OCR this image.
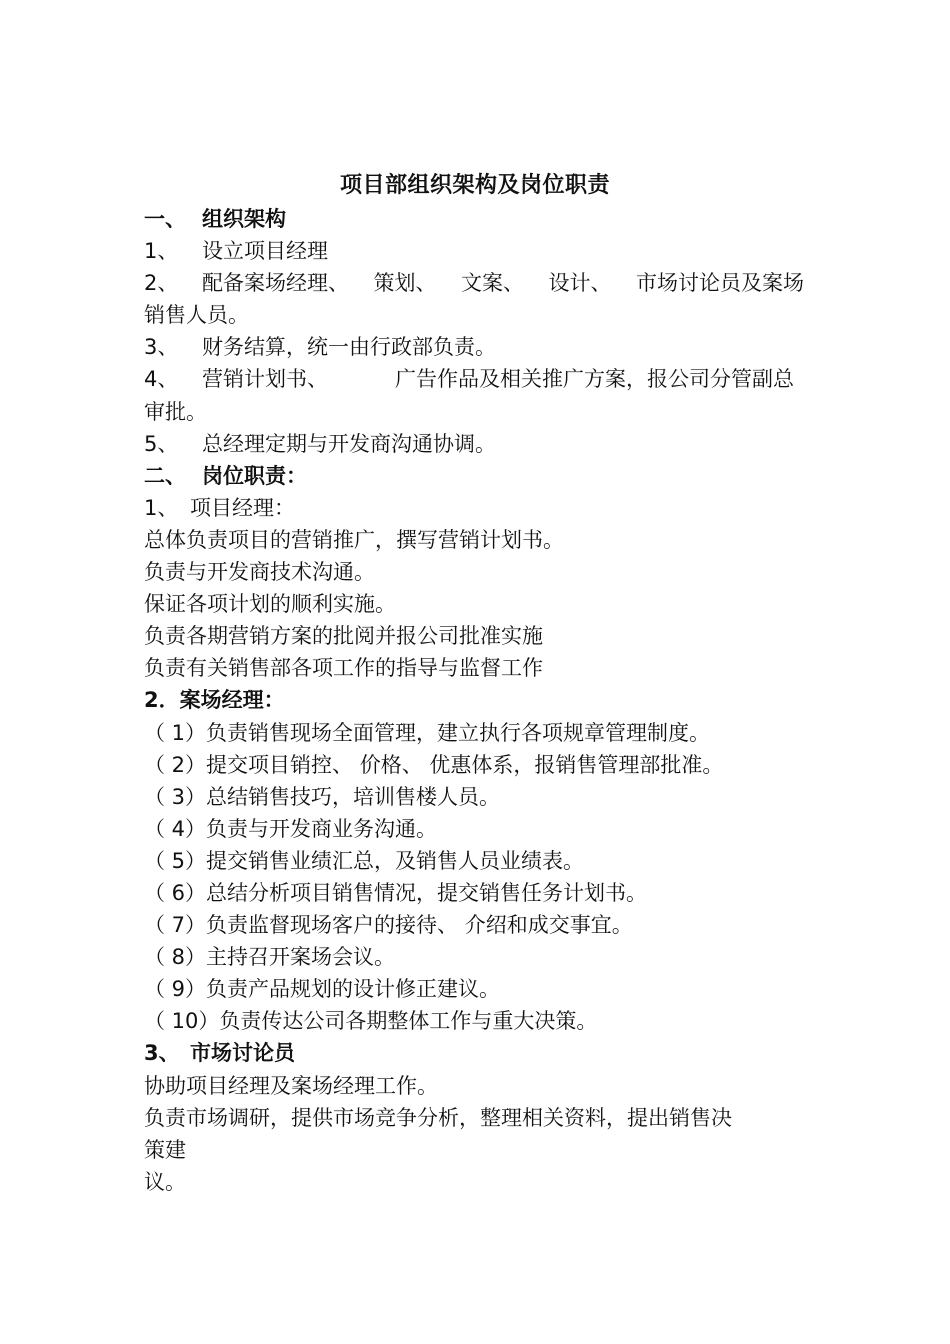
项目部组织架构及岗位职责
一、 组织架构
1、 设立项目经理
2、	配备案场经理、 策划、 文案、 设计、 市场讨论员及案场
销售人员。
3、 财务结算，统一由行政部负责。
4、	营销计划书、	广告作品及相关推广方案，报公司分管副总
审批。
5、 总经理定期与开发商沟通协调。
二、 岗位职责：
1、 项目经理：
总体负责项目的营销推广，撰写营销计划书。
负责与开发商技术沟通。
保证各项计划的顺利实施。
负责各期营销方案的批阅并报公司批准实施
负责有关销售部各项工作的指导与监督工作
2．案场经理：
（ 1）负责销售现场全面管理，建立执行各项规章管理制度。
（ 2）提交项目销控、 价格、 优惠体系，报销售管理部批准。
（ 3）总结销售技巧，培训售楼人员。
（ 4）负责与开发商业务沟通。
（ 5）提交销售业绩汇总，及销售人员业绩表。
（ 6）总结分析项目销售情况，提交销售任务计划书。
（ 7）负责监督现场客户的接待、 介绍和成交事宜。
（ 8）主持召开案场会议。
（ 9）负责产品规划的设计修正建议。
（ 10）负责传达公司各期整体工作与重大决策。
3、 市场讨论员
协助项目经理及案场经理工作。
负责市场调研，提供市场竞争分析，整理相关资料，提出销售决
策建
议。
